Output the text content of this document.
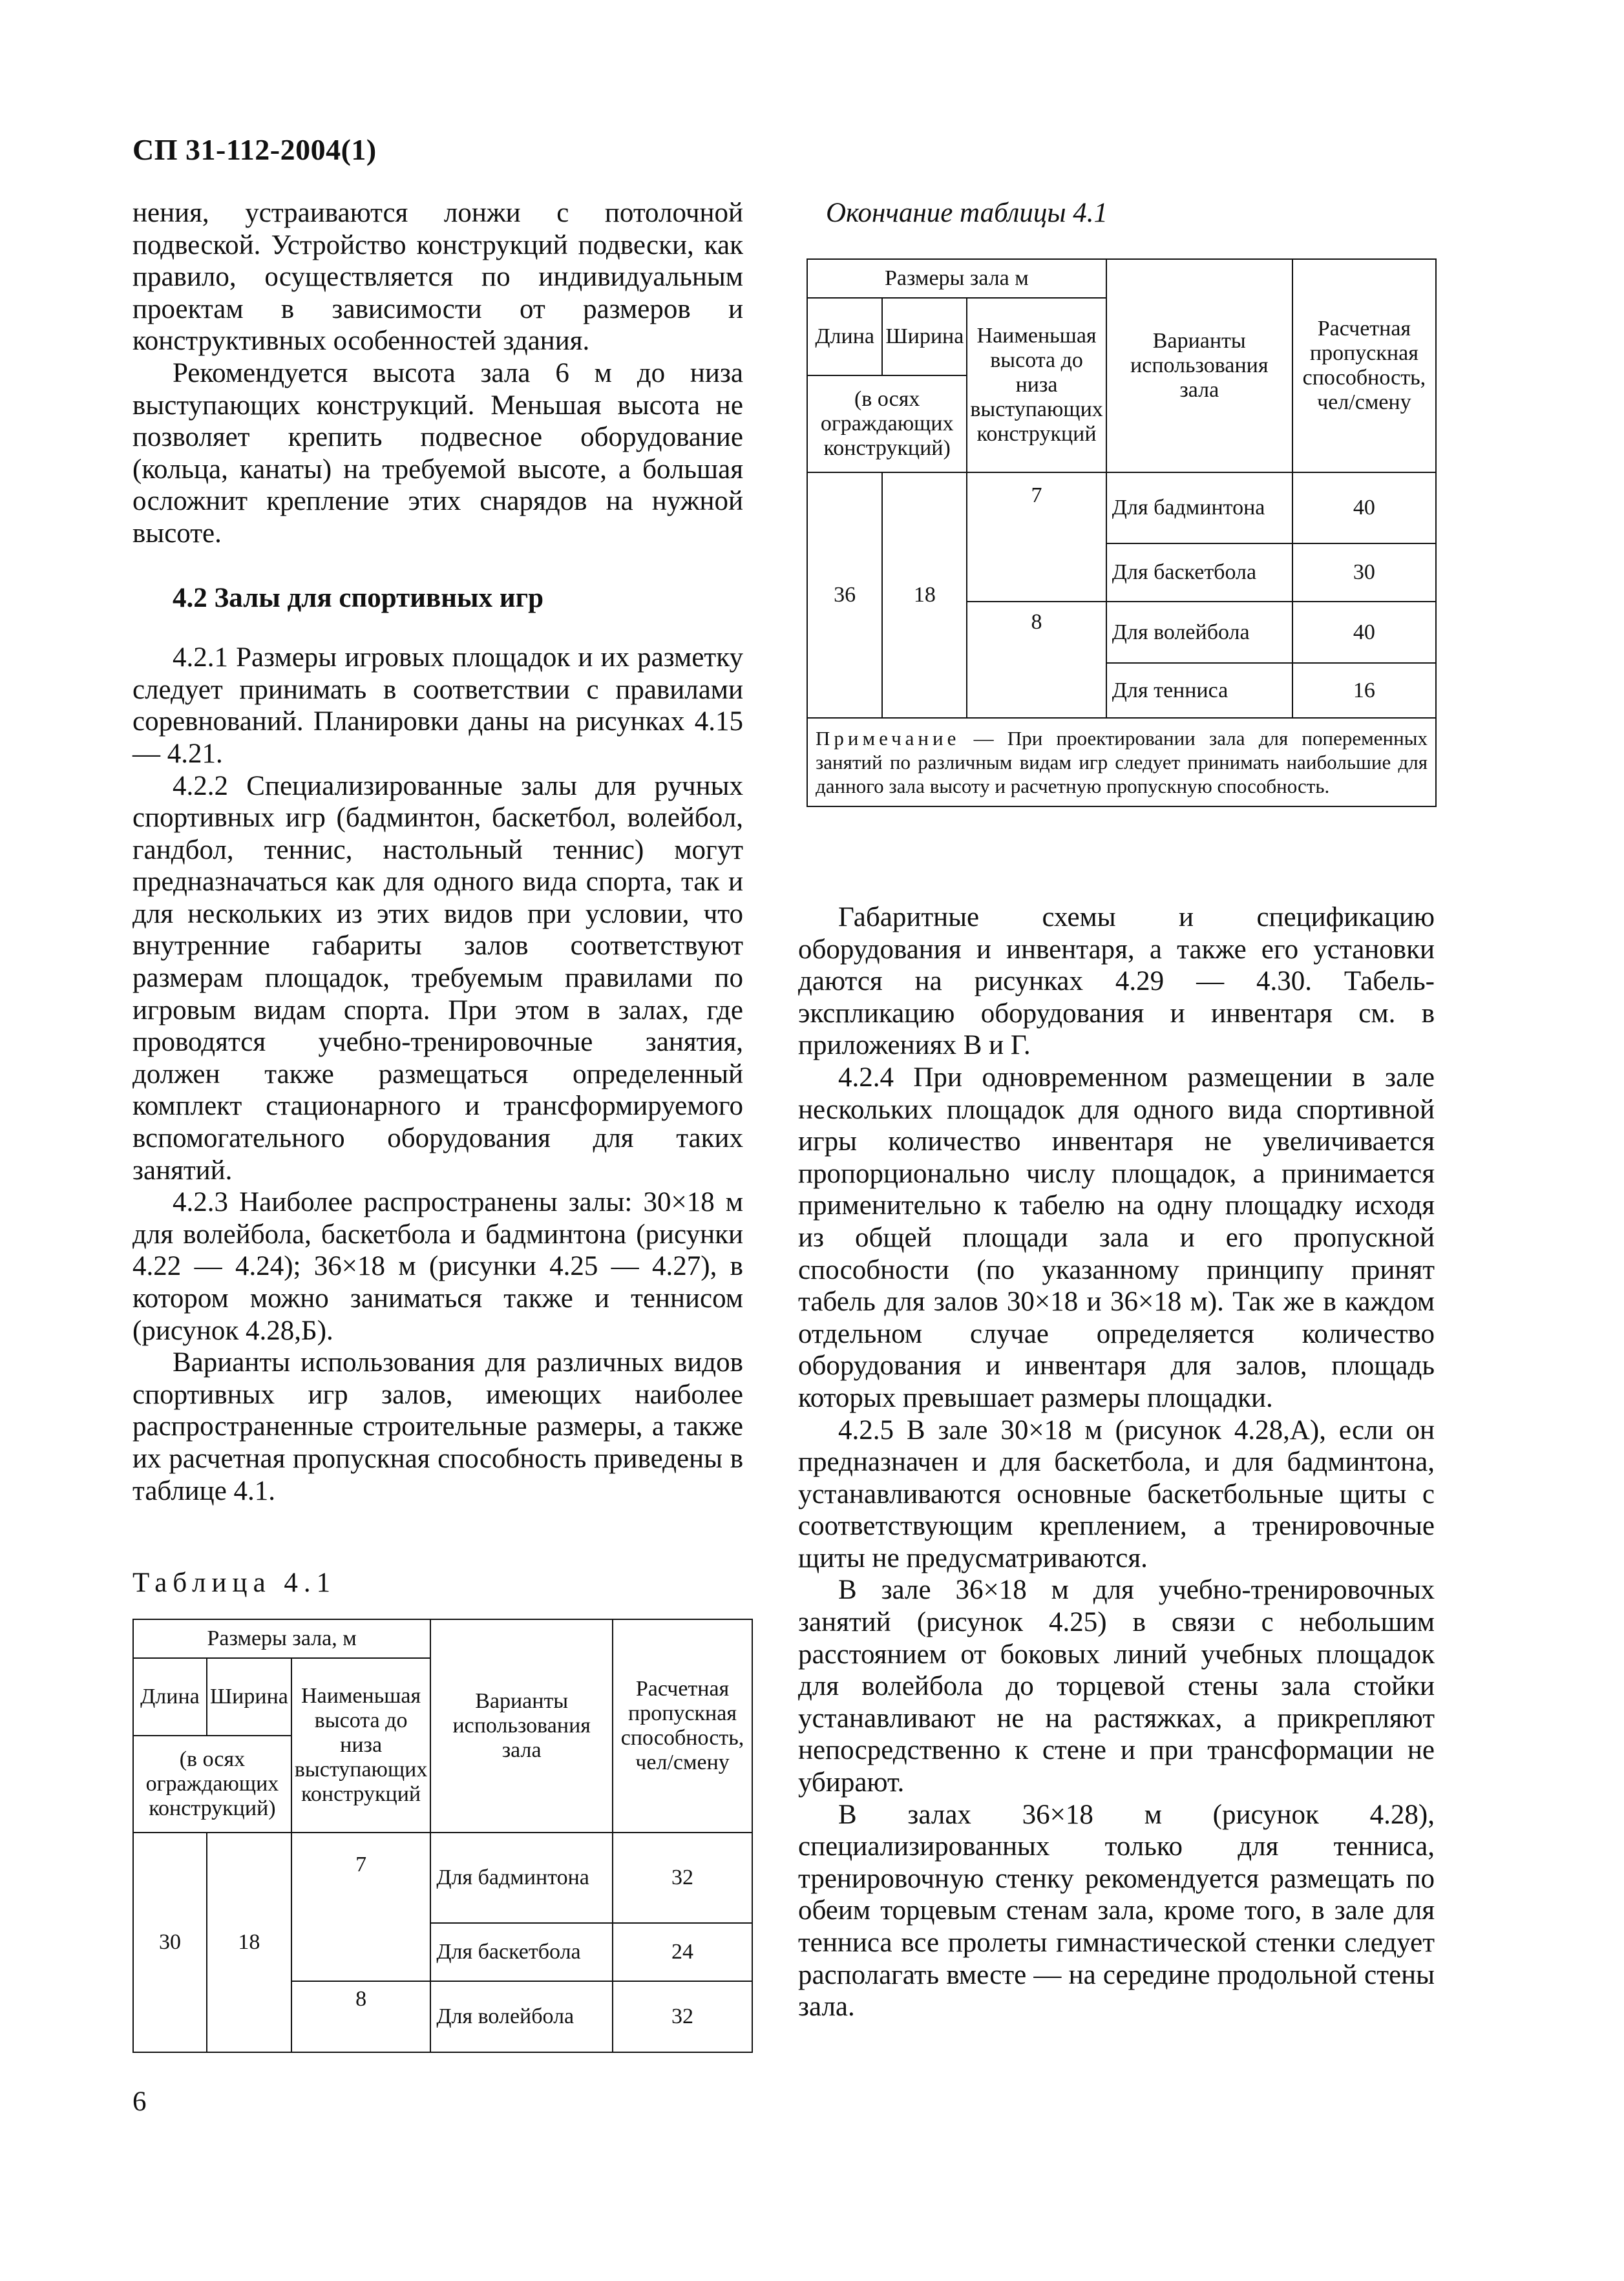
СП 31-112-2004(1)

нения, устраиваются лонжи с потолочной подвеской. Устройство конструкций подвески, как правило, осуществляется по индивидуальным проектам в зависимости от размеров и конструктивных особенностей здания.

Рекомендуется высота зала 6 м до низа выступающих конструкций. Меньшая высота не позволяет крепить подвесное оборудование (кольца, канаты) на требуемой высоте, а большая осложнит крепление этих снарядов на нужной высоте.

4.2 Залы для спортивных игр

4.2.1 Размеры игровых площадок и их разметку следует принимать в соответствии с правилами соревнований. Планировки даны на рисунках 4.15 — 4.21.

4.2.2 Специализированные залы для ручных спортивных игр (бадминтон, баскетбол, волейбол, гандбол, теннис, настольный теннис) могут предназначаться как для одного вида спорта, так и для нескольких из этих видов при условии, что внутренние габариты залов соответствуют размерам площадок, требуемым правилами по игровым видам спорта. При этом в залах, где проводятся учебно-тренировочные занятия, должен также размещаться определенный комплект стационарного и трансформируемого вспомогательного оборудования для таких занятий.

4.2.3 Наиболее распространены залы: 30×18 м для волейбола, баскетбола и бадминтона (рисунки 4.22 — 4.24); 36×18 м (рисунки 4.25 — 4.27), в котором можно заниматься также и теннисом (рисунок 4.28,Б).

Варианты использования для различных видов спортивных игр залов, имеющих наиболее распространенные строительные размеры, а также их расчетная пропускная способность приведены в таблице 4.1.

Таблица 4.1
Размеры зала, м			Варианты использования зала	Расчетная пропускная способность, чел/смену
Длина	Ширина	Наименьшая высота до низа выступающих конструкций		
(в осях ограждающих конструкций)				
30	18	7	Для бадминтона	32
			Для баскетбола	24
		8	Для волейбола	32
Окончание таблицы 4.1
Размеры зала м			Варианты использования зала	Расчетная пропускная способность, чел/смену
Длина	Ширина	Наименьшая высота до низа выступающих конструкций		
(в осях ограждающих конструкций)				
36	18	7	Для бадминтона	40
			Для баскетбола	30
		8	Для волейбола	40
			Для тенниса	16
Примечание — При проектировании зала для попеременных занятий по различным видам игр следует принимать наибольшие для данного зала высоту и расчетную пропускную способность.				

Габаритные схемы и спецификацию оборудования и инвентаря, а также его установки даются на рисунках 4.29 — 4.30. Табель-экспликацию оборудования и инвентаря см. в приложениях В и Г.

4.2.4 При одновременном размещении в зале нескольких площадок для одного вида спортивной игры количество инвентаря не увеличивается пропорционально числу площадок, а принимается применительно к табелю на одну площадку исходя из общей площади зала и его пропускной способности (по указанному принципу принят табель для залов 30×18 и 36×18 м). Так же в каждом отдельном случае определяется количество оборудования и инвентаря для залов, площадь которых превышает размеры площадки.

4.2.5 В зале 30×18 м (рисунок 4.28,А), если он предназначен и для баскетбола, и для бадминтона, устанавливаются основные баскетбольные щиты с соответствующим креплением, а тренировочные щиты не предусматриваются.

В зале 36×18 м для учебно-тренировочных занятий (рисунок 4.25) в связи с небольшим расстоянием от боковых линий учебных площадок для волейбола до торцевой стены зала стойки устанавливают не на растяжках, а прикрепляют непосредственно к стене и при трансформации не убирают.

В залах 36×18 м (рисунок 4.28), специализированных только для тенниса, тренировочную стенку рекомендуется размещать по обеим торцевым стенам зала, кроме того, в зале для тенниса все пролеты гимнастической стенки следует располагать вместе — на середине продольной стены зала.

6
